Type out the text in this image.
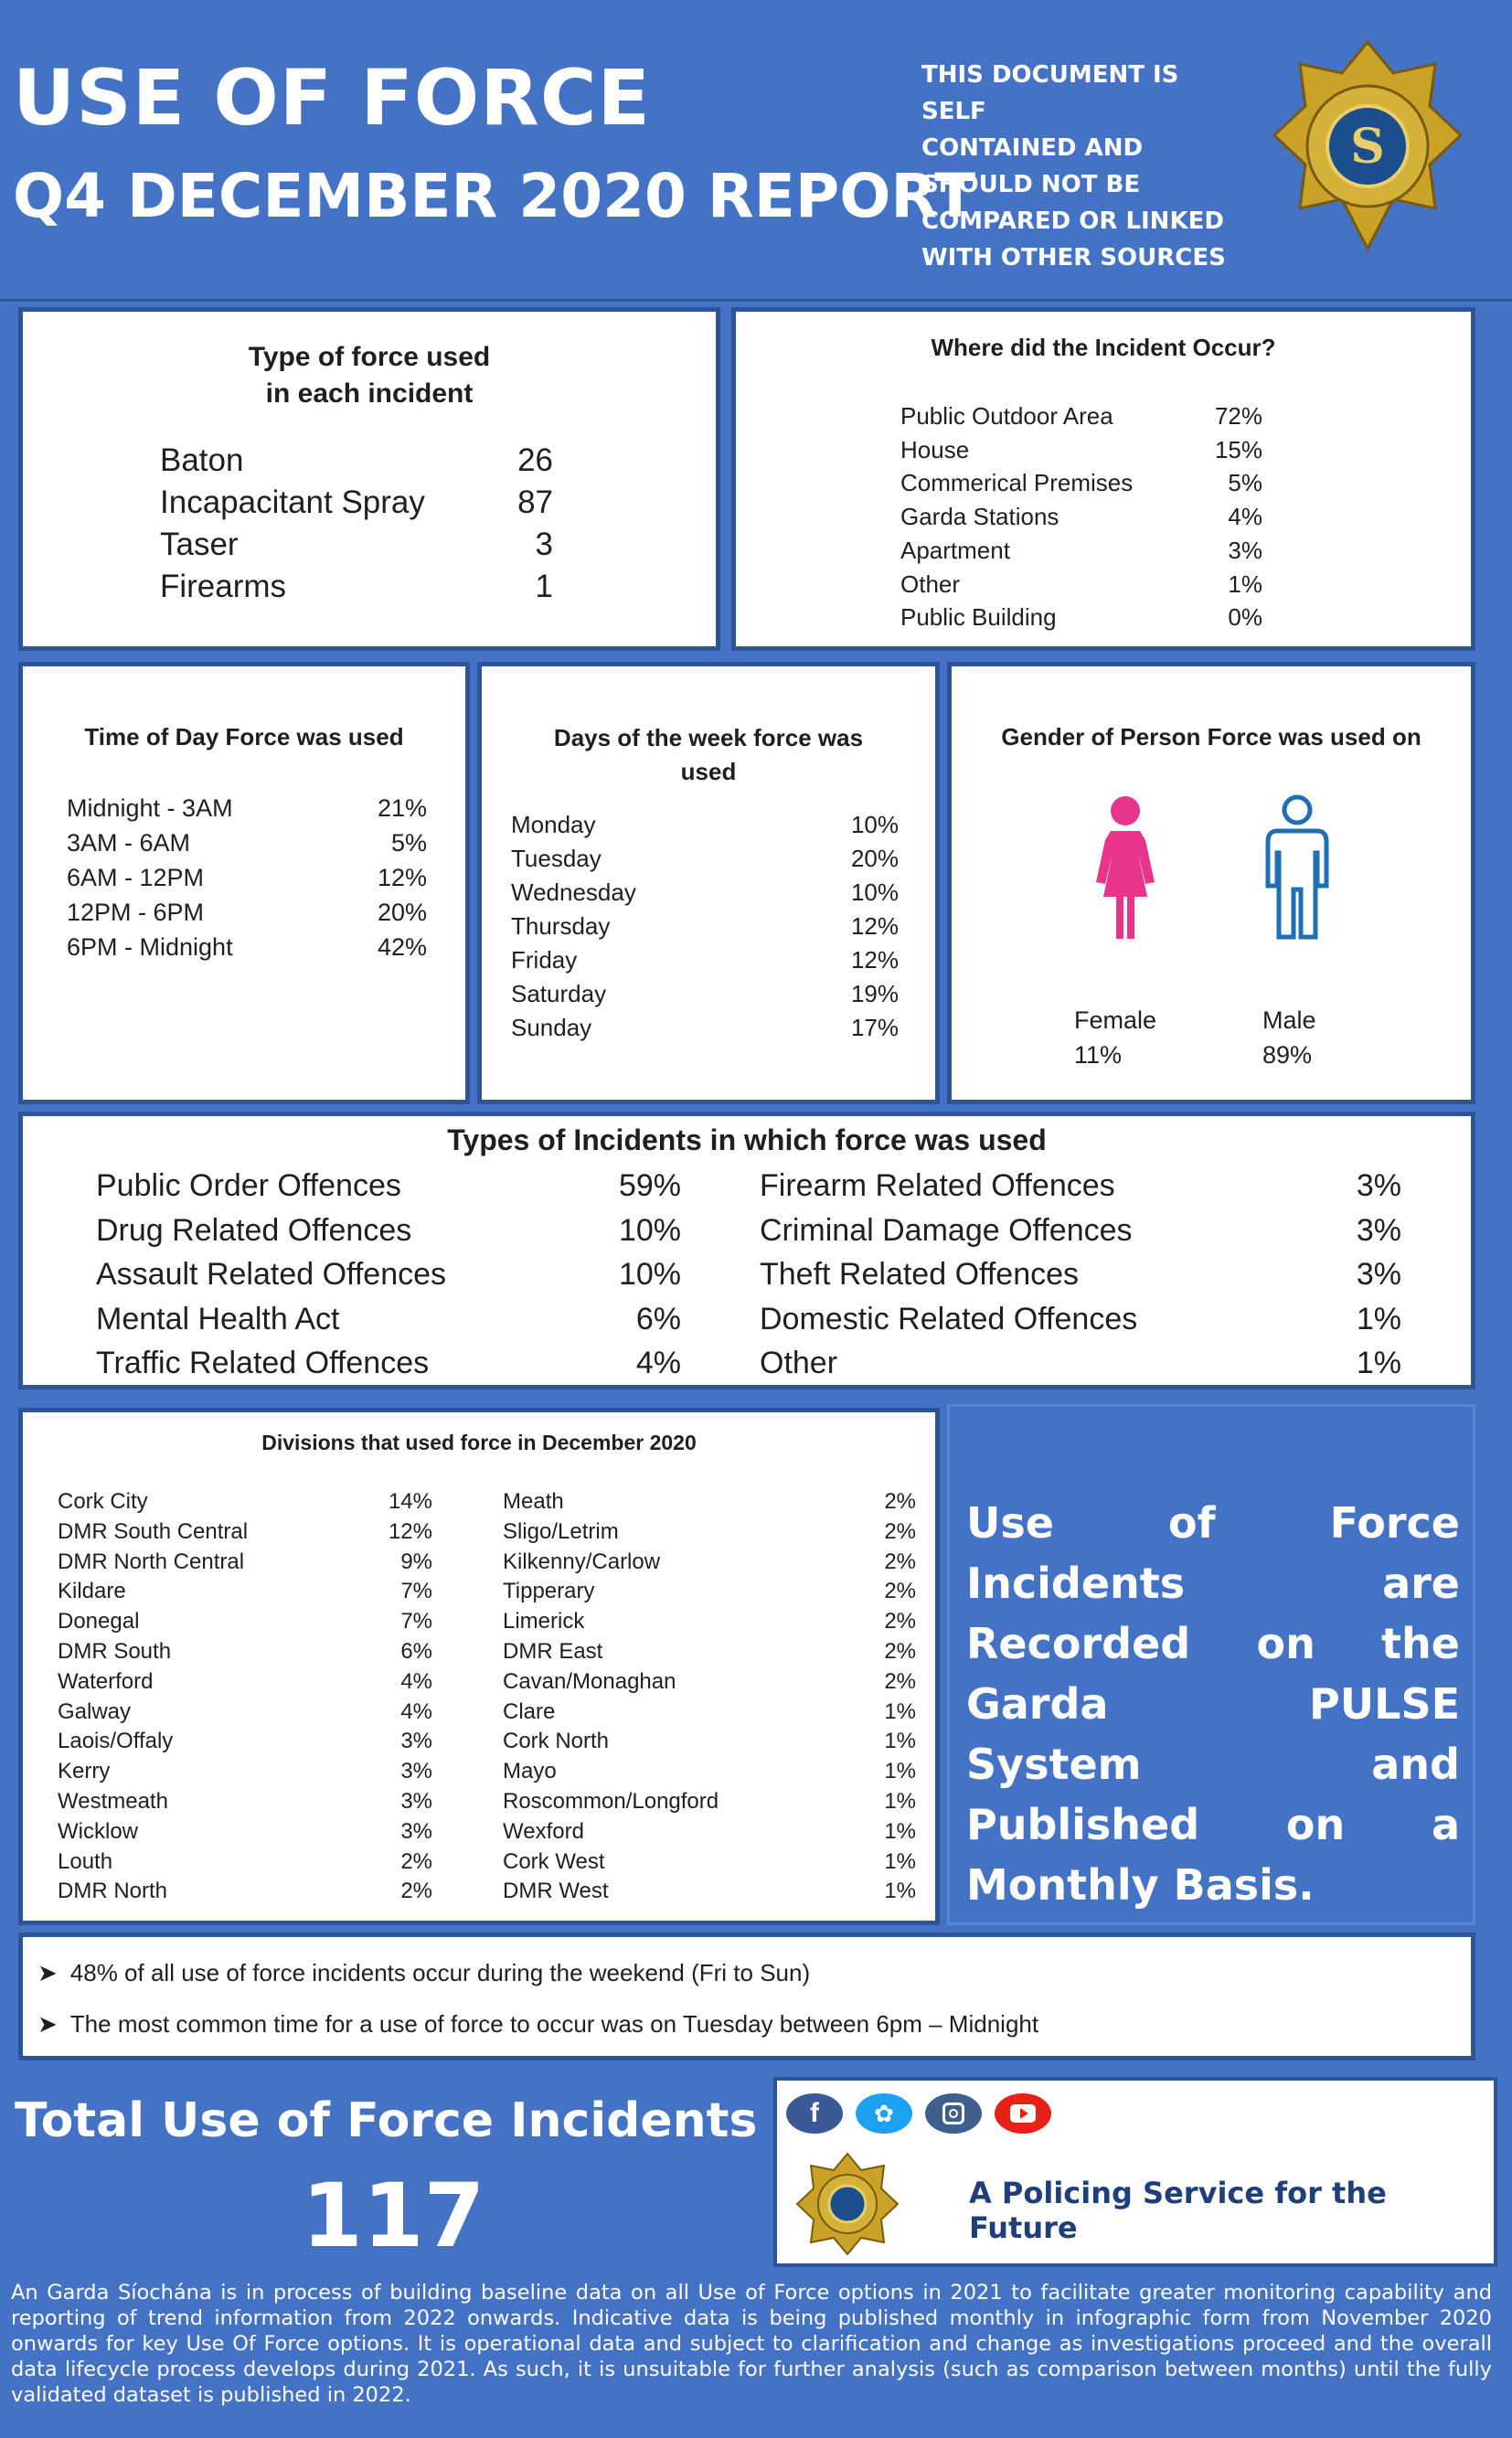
USE OF FORCE
Q4 DECEMBER 2020 REPORT
THIS DOCUMENT IS SELF
CONTAINED AND
SHOULD NOT BE
COMPARED OR LINKED
WITH OTHER SOURCES
S
Type of force used
in each incident
Baton	26
Incapacitant Spray	87
Taser	3
Firearms	1
Where did the Incident Occur?
Public Outdoor Area	72%
House	15%
Commerical Premises	5%
Garda Stations	4%
Apartment	3%
Other	1%
Public Building	0%
Time of Day Force was used
Midnight - 3AM	21%
3AM - 6AM	5%
6AM - 12PM	12%
12PM - 6PM	20%
6PM - Midnight	42%
Days of the week force was
used
Monday	10%
Tuesday	20%
Wednesday	10%
Thursday	12%
Friday	12%
Saturday	19%
Sunday	17%
Gender of Person Force was used on
Female
11%
Male
89%
Types of Incidents in which force was used
Public Order Offences	59%
Drug Related Offences	10%
Assault Related Offences	10%
Mental Health Act	6%
Traffic Related Offences	4%
Firearm Related Offences	3%
Criminal Damage Offences	3%
Theft Related Offences	3%
Domestic Related Offences	1%
Other	1%
Divisions that used force in December 2020
Cork City	14%
DMR South Central	12%
DMR North Central	9%
Kildare	7%
Donegal	7%
DMR South	6%
Waterford	4%
Galway	4%
Laois/Offaly	3%
Kerry	3%
Westmeath	3%
Wicklow	3%
Louth	2%
DMR North	2%
Meath	2%
Sligo/Letrim	2%
Kilkenny/Carlow	2%
Tipperary	2%
Limerick	2%
DMR East	2%
Cavan/Monaghan	2%
Clare	1%
Cork North	1%
Mayo	1%
Roscommon/Longford	1%
Wexford	1%
Cork West	1%
DMR West	1%
Use of Force Incidents are Recorded on the Garda PULSE System and Published on a Monthly Basis.
➤ 48% of all use of force incidents occur during the weekend (Fri to Sun)
➤ The most common time for a use of force to occur was on Tuesday between 6pm – Midnight
Total Use of Force Incidents
117
f	✿
A Policing Service for the Future
An Garda Síochána is in process of building baseline data on all Use of Force options in 2021 to facilitate greater monitoring capability and reporting of trend information from 2022 onwards. Indicative data is being published monthly in infographic form from November 2020 onwards for key Use Of Force options. It is operational data and subject to clarification and change as investigations proceed and the overall data lifecycle process develops during 2021. As such, it is unsuitable for further analysis (such as comparison between months) until the fully validated dataset is published in 2022.
